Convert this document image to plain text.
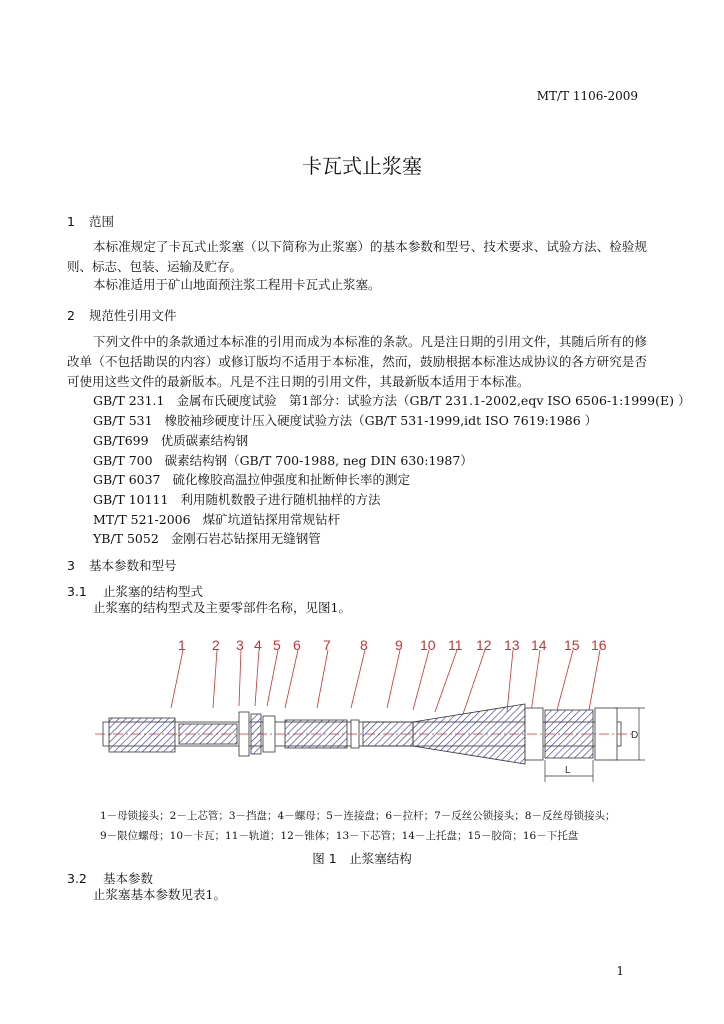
MT/T 1106-2009
卡瓦式止浆塞
1 范围

本标准规定了卡瓦式止浆塞（以下简称为止浆塞）的基本参数和型号、技术要求、试验方法、检验规则、标志、包装、运输及贮存。

本标准适用于矿山地面预注浆工程用卡瓦式止浆塞。

2 规范性引用文件

下列文件中的条款通过本标准的引用而成为本标准的条款。凡是注日期的引用文件，其随后所有的修改单（不包括勘误的内容）或修订版均不适用于本标准，然而，鼓励根据本标准达成协议的各方研究是否可使用这些文件的最新版本。凡是不注日期的引用文件，其最新版本适用于本标准。

GB/T 231.1 金属布氏硬度试验　第1部分：试验方法（GB/T 231.1-2002,eqv ISO 6506-1:1999(E) ）
GB/T 531 橡胶袖珍硬度计压入硬度试验方法（GB/T 531-1999,idt ISO 7619:1986 ）
GB/T699 优质碳素结构钢
GB/T 700 碳素结构钢（GB/T 700-1988, neg DIN 630:1987）
GB/T 6037 硫化橡胶高温拉伸强度和扯断伸长率的测定
GB/T 10111 利用随机数骰子进行随机抽样的方法
MT/T 521-2006 煤矿坑道钻探用常规钻杆
YB/T 5052 金刚石岩芯钻探用无缝钢管
3 基本参数和型号
3.1 止浆塞的结构型式

止浆塞的结构型式及主要零部件名称，见图1。

1 2 3 4 5 6 7 8 9 10 11 12 13 14 15 16
D
L
1－母锁接头；2－上芯管；3－挡盘；4－螺母；5－连接盘；6－拉杆；7－反丝公锁接头；8－反丝母锁接头；
9－限位螺母；10－卡瓦；11－轨道；12－锥体；13－下芯管；14－上托盘；15－胶筒；16－下托盘
图 1　止浆塞结构
3.2 基本参数

止浆塞基本参数见表1。

1
